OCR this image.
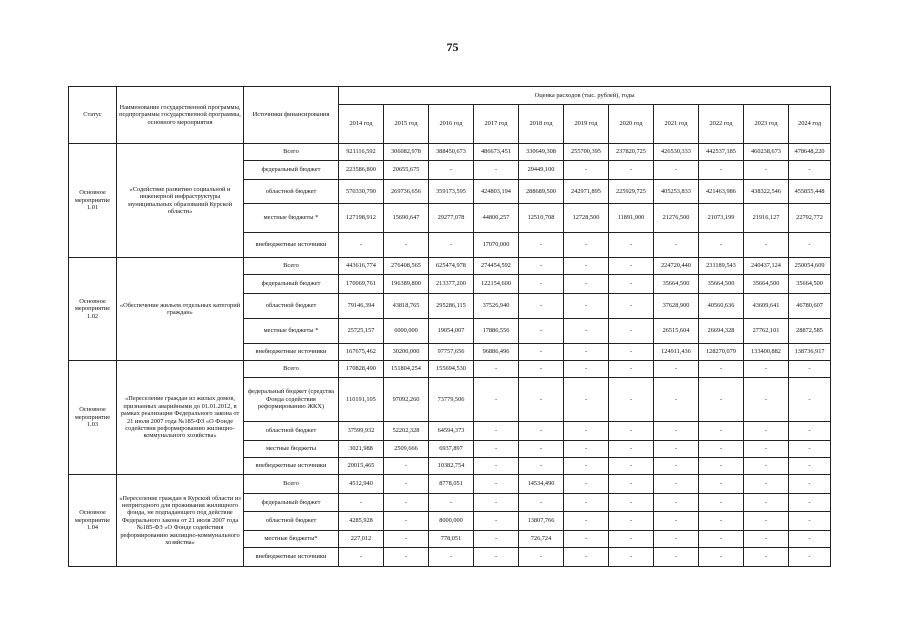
75
Статус	Наименование государственной программы, подпрограммы государственной программы, основного мероприятия	Источники финансирования	Оценка расходов (тыс. рублей), годы										
			2014 год	2015 год	2016 год	2017 год	2018 год	2019 год	2020 год	2021 год	2022 год	2023 год	2024 год
Основное мероприятие 1.01	«Содействие развитию социальной и инженерной инфраструктуры муниципальных образований Курской области»	Всего	921116,592	306082,978	388450,673	486673,451	330649,308	255700,395	237820,725	426530,333	442537,185	460238,673	478648,220
		федеральный бюджет	223586,800	20655,675	-	-	29449,100	-	-	-	-	-	-
		областной бюджет	570330,790	269736,656	359173,595	424803,194	288689,500	242971,895	225929,725	405253,833	421463,986	438322,546	455855,448
		местные бюджеты *	127198,912	15690,647	29277,078	44800,257	12510,708	12728,500	11891,000	21276,500	21073,199	21916,127	22792,772
		внебюджетные источники	-	-	-	17070,000	-	-	-	-	-	-	-
Основное мероприятие 1.02	«Обеспечение жильем отдельных категорий граждан»	Всего	443616,774	276408,565	625474,978	274454,592	-	-	-	224720,440	231189,543	240437,124	250054,609
		федеральный бюджет	170069,761	196389,800	213377,200	122154,600	-	-	-	35664,500	35664,500	35664,500	35664,500
		областной бюджет	79146,394	43818,765	295286,115	37526,940	-	-	-	37628,900	40560,636	43609,641	46780,607
		местные бюджеты *	25725,157	6000,000	19054,007	17886,556	-	-	-	26515,604	26694,328	27762,101	28872,585
		внебюджетные источники	167675,462	30200,000	97757,656	96886,496	-	-	-	124911,436	128270,079	133400,882	138736,917
Основное мероприятие 1.03	«Переселение граждан из жилых домов, признанных аварийными до 01.01.2012, в рамках реализации Федерального закона от 21 июля 2007 года №185-ФЗ «О Фонде содействия реформированию жилищно-коммунального хозяйства»	Всего	170828,490	151804,254	155694,530	-	-	-	-	-	-	-	-
		федеральный бюджет (средства Фонда содействия реформированию ЖКХ)	110191,105	97092,260	73779,506	-	-	-	-	-	-	-	-
		областной бюджет	37599,932	52202,328	64594,373	-	-	-	-	-	-	-	-
		местные бюджеты	3021,988	2509,666	6937,897	-	-	-	-	-	-	-	-
		внебюджетные источники	20015,465	-	10382,754	-	-	-	-	-	-	-	-
Основное мероприятие 1.04	«Переселение граждан в Курской области из непригодного для проживания жилищного фонда, не подпадающего под действие Федерального закона от 21 июля 2007 года №185-ФЗ «О Фонде содействия реформированию жилищно-коммунального хозяйства»	Всего	4512,940	-	8778,051	-	14534,490	-	-	-	-	-	-
		федеральный бюджет	-	-	-	-	-	-	-	-	-	-	-
		областной бюджет	4285,928	-	8000,000	-	13807,766	-	-	-	-	-	-
		местные бюджеты*	227,012	-	778,051	-	726,724	-	-	-	-	-	-
		внебюджетные источники	-	-	-	-	-	-	-	-	-	-	-
